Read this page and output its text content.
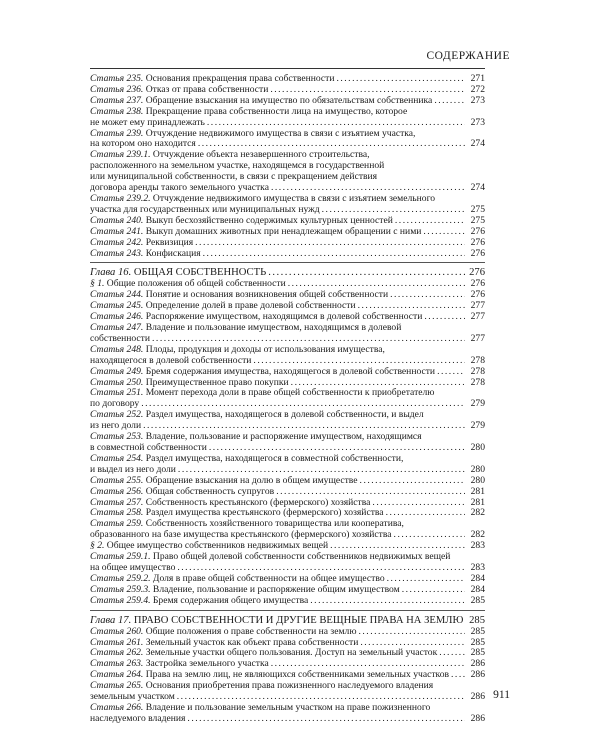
СОДЕРЖАНИЕ
Статья 235. Основания прекращения права собственности .....	271
Статья 236. Отказ от права собственности .....	272
Статья 237. Обращение взыскания на имущество по обязательствам собственника .....	273
Статья 238. Прекращение права собственности лица на имущество, которое
не может ему принадлежать .....	273
Статья 239. Отчуждение недвижимого имущества в связи с изъятием участка,
на котором оно находится .....	274
Статья 239.1. Отчуждение объекта незавершенного строительства,
расположенного на земельном участке, находящемся в государственной
или муниципальной собственности, в связи с прекращением действия
договора аренды такого земельного участка .....	274
Статья 239.2. Отчуждение недвижимого имущества в связи с изъятием земельного
участка для государственных или муниципальных нужд .....	275
Статья 240. Выкуп бесхозяйственно содержимых культурных ценностей .....	275
Статья 241. Выкуп домашних животных при ненадлежащем обращении с ними .....	276
Статья 242. Реквизиция .....	276
Статья 243. Конфискация .....	276
Глава 16. ОБЩАЯ СОБСТВЕННОСТЬ .....	276
§ 1. Общие положения об общей собственности .....	276
Статья 244. Понятие и основания возникновения общей собственности .....	276
Статья 245. Определение долей в праве долевой собственности .....	277
Статья 246. Распоряжение имуществом, находящимся в долевой собственности .....	277
Статья 247. Владение и пользование имуществом, находящимся в долевой
собственности .....	277
Статья 248. Плоды, продукция и доходы от использования имущества,
находящегося в долевой собственности .....	278
Статья 249. Бремя содержания имущества, находящегося в долевой собственности .....	278
Статья 250. Преимущественное право покупки .....	278
Статья 251. Момент перехода доли в праве общей собственности к приобретателю
по договору .....	279
Статья 252. Раздел имущества, находящегося в долевой собственности, и выдел
из него доли .....	279
Статья 253. Владение, пользование и распоряжение имуществом, находящимся
в совместной собственности .....	280
Статья 254. Раздел имущества, находящегося в совместной собственности,
и выдел из него доли .....	280
Статья 255. Обращение взыскания на долю в общем имуществе .....	280
Статья 256. Общая собственность супругов .....	281
Статья 257. Собственность крестьянского (фермерского) хозяйства .....	281
Статья 258. Раздел имущества крестьянского (фермерского) хозяйства .....	282
Статья 259. Собственность хозяйственного товарищества или кооператива,
образованного на базе имущества крестьянского (фермерского) хозяйства .....	282
§ 2. Общее имущество собственников недвижимых вещей .....	283
Статья 259.1. Право общей долевой собственности собственников недвижимых вещей
на общее имущество .....	283
Статья 259.2. Доля в праве общей собственности на общее имущество .....	284
Статья 259.3. Владение, пользование и распоряжение общим имуществом .....	284
Статья 259.4. Бремя содержания общего имущества .....	285
Глава 17. ПРАВО СОБСТВЕННОСТИ И ДРУГИЕ ВЕЩНЫЕ ПРАВА НА ЗЕМЛЮ ..... 285
Статья 260. Общие положения о праве собственности на землю .....	285
Статья 261. Земельный участок как объект права собственности .....	285
Статья 262. Земельные участки общего пользования. Доступ на земельный участок .....	285
Статья 263. Застройка земельного участка .....	286
Статья 264. Права на землю лиц, не являющихся собственниками земельных участков .....	286
Статья 265. Основания приобретения права пожизненного наследуемого владения
земельным участком .....	286
Статья 266. Владение и пользование земельным участком на праве пожизненного
наследуемого владения .....	286
911
